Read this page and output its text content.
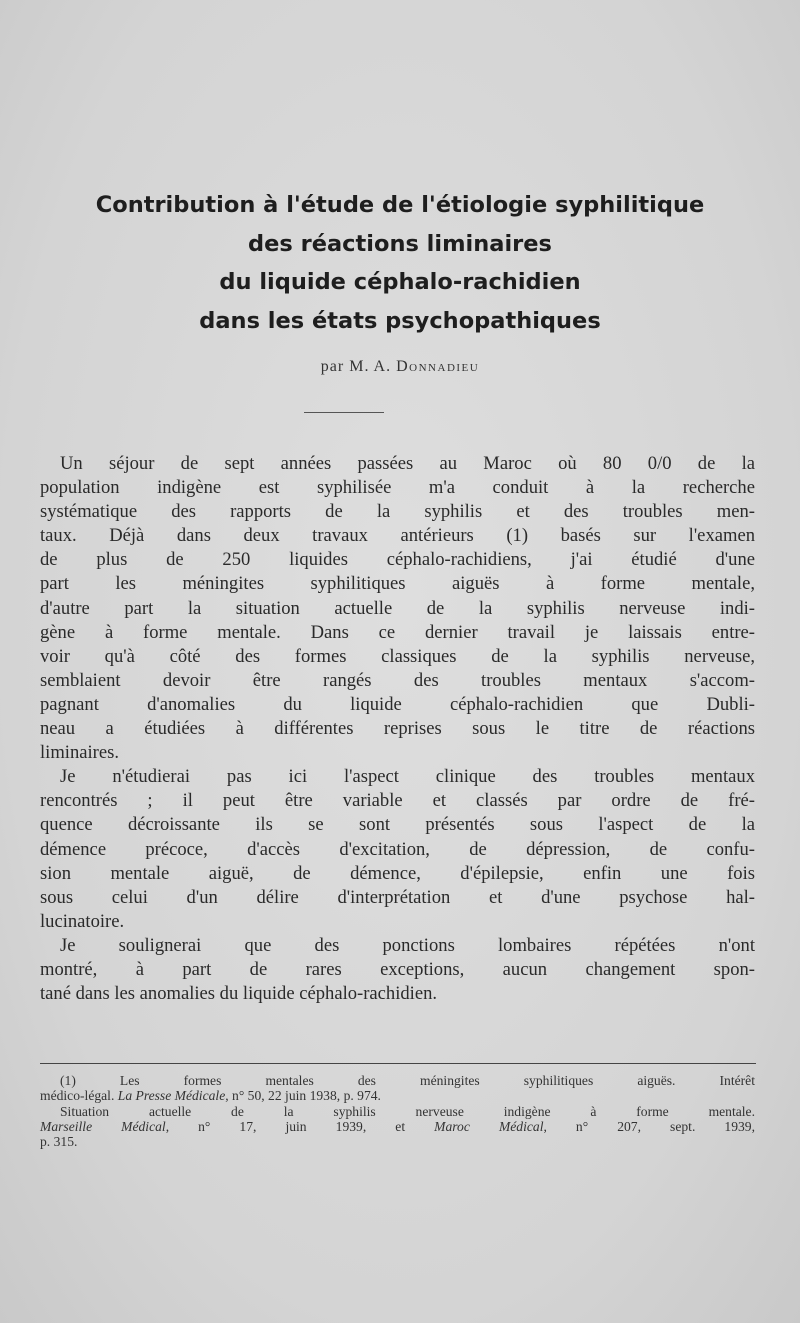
Contribution à l'étude de l'étiologie syphilitique
des réactions liminaires
du liquide céphalo-rachidien
dans les états psychopathiques
par M. A. Donnadieu
Un séjour de sept années passées au Maroc où 80 0/0 de la
population indigène est syphilisée m'a conduit à la recherche
systématique des rapports de la syphilis et des troubles men-
taux. Déjà dans deux travaux antérieurs (1) basés sur l'examen
de plus de 250 liquides céphalo-rachidiens, j'ai étudié d'une
part les méningites syphilitiques aiguës à forme mentale,
d'autre part la situation actuelle de la syphilis nerveuse indi-
gène à forme mentale. Dans ce dernier travail je laissais entre-
voir qu'à côté des formes classiques de la syphilis nerveuse,
semblaient devoir être rangés des troubles mentaux s'accom-
pagnant d'anomalies du liquide céphalo-rachidien que Dubli-
neau a étudiées à différentes reprises sous le titre de réactions
liminaires.
Je n'étudierai pas ici l'aspect clinique des troubles mentaux
rencontrés ; il peut être variable et classés par ordre de fré-
quence décroissante ils se sont présentés sous l'aspect de la
démence précoce, d'accès d'excitation, de dépression, de confu-
sion mentale aiguë, de démence, d'épilepsie, enfin une fois
sous celui d'un délire d'interprétation et d'une psychose hal-
lucinatoire.
Je soulignerai que des ponctions lombaires répétées n'ont
montré, à part de rares exceptions, aucun changement spon-
tané dans les anomalies du liquide céphalo-rachidien.
(1) Les formes mentales des méningites syphilitiques aiguës. Intérêt
médico-légal. La Presse Médicale, n° 50, 22 juin 1938, p. 974.
Situation actuelle de la syphilis nerveuse indigène à forme mentale.
Marseille Médical, n° 17, juin 1939, et Maroc Médical, n° 207, sept. 1939,
p. 315.
